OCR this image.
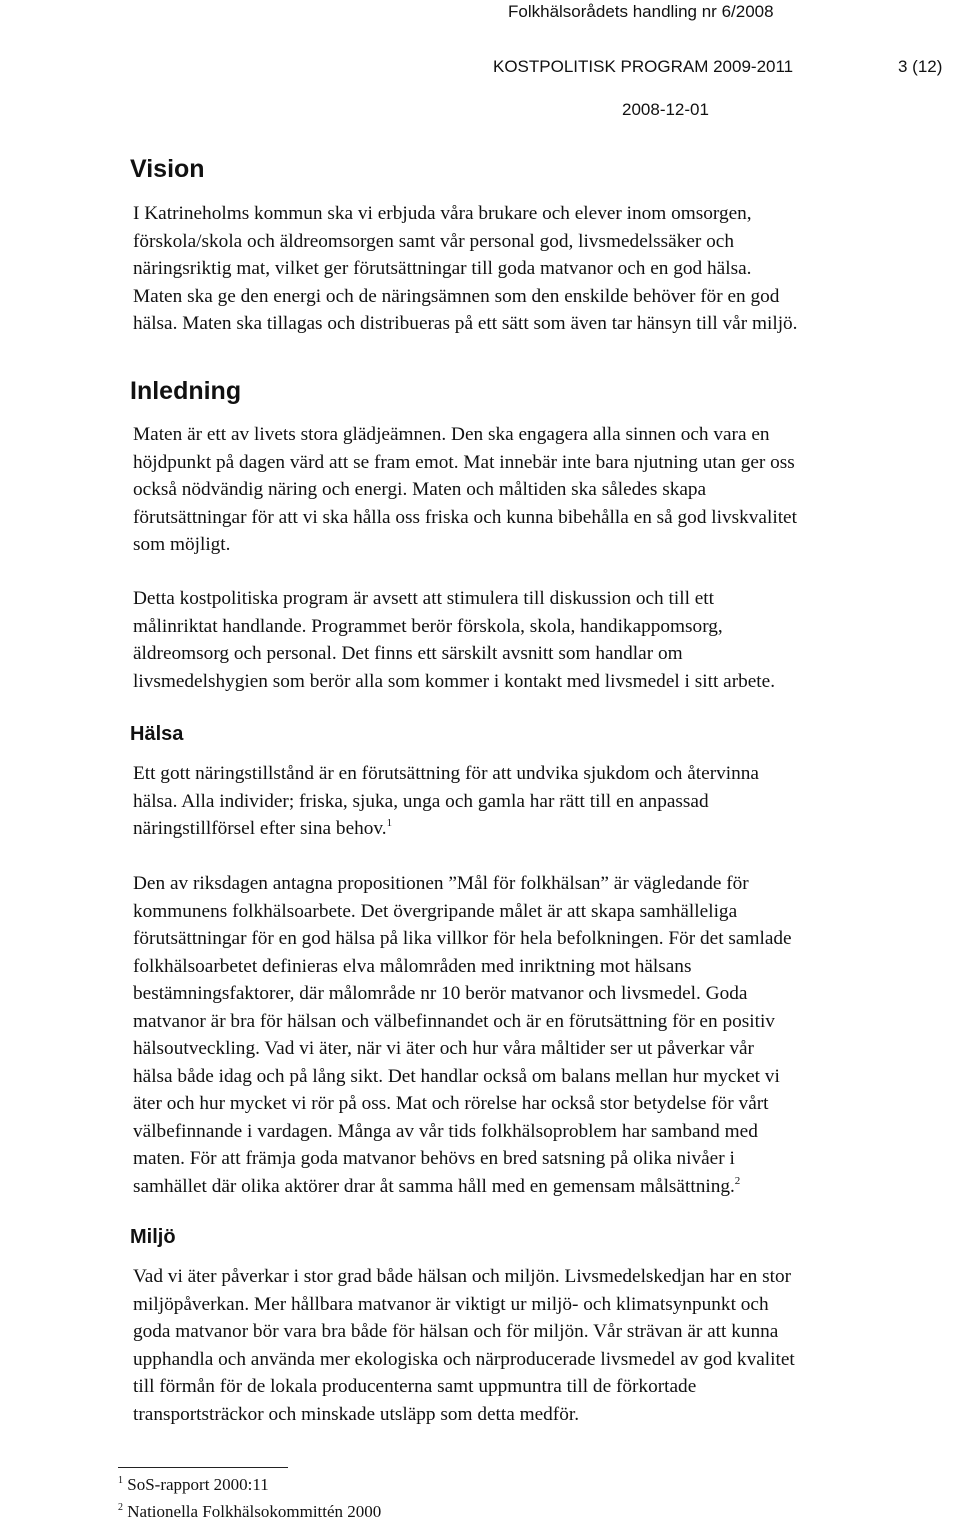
Folkhälsorådets handling nr 6/2008
KOSTPOLITISK PROGRAM 2009-2011	3 (12)
2008-12-01
Vision

I Katrineholms kommun ska vi erbjuda våra brukare och elever inom omsorgen,
förskola/skola och äldreomsorgen samt vår personal god, livsmedelssäker och
näringsriktig mat, vilket ger förutsättningar till goda matvanor och en god hälsa.
Maten ska ge den energi och de näringsämnen som den enskilde behöver för en god
hälsa. Maten ska tillagas och distribueras på ett sätt som även tar hänsyn till vår miljö.

Inledning

Maten är ett av livets stora glädjeämnen. Den ska engagera alla sinnen och vara en
höjdpunkt på dagen värd att se fram emot. Mat innebär inte bara njutning utan ger oss
också nödvändig näring och energi. Maten och måltiden ska således skapa
förutsättningar för att vi ska hålla oss friska och kunna bibehålla en så god livskvalitet
som möjligt.

Detta kostpolitiska program är avsett att stimulera till diskussion och till ett
målinriktat handlande. Programmet berör förskola, skola, handikappomsorg,
äldreomsorg och personal. Det finns ett särskilt avsnitt som handlar om
livsmedelshygien som berör alla som kommer i kontakt med livsmedel i sitt arbete.

Hälsa

Ett gott näringstillstånd är en förutsättning för att undvika sjukdom och återvinna
hälsa. Alla individer; friska, sjuka, unga och gamla har rätt till en anpassad
näringstillförsel efter sina behov.$^1$

Den av riksdagen antagna propositionen ”Mål för folkhälsan” är vägledande för
kommunens folkhälsoarbete. Det övergripande målet är att skapa samhälleliga
förutsättningar för en god hälsa på lika villkor för hela befolkningen. För det samlade
folkhälsoarbetet definieras elva målområden med inriktning mot hälsans
bestämningsfaktorer, där målområde nr 10 berör matvanor och livsmedel. Goda
matvanor är bra för hälsan och välbefinnandet och är en förutsättning för en positiv
hälsoutveckling. Vad vi äter, när vi äter och hur våra måltider ser ut påverkar vår
hälsa både idag och på lång sikt. Det handlar också om balans mellan hur mycket vi
äter och hur mycket vi rör på oss. Mat och rörelse har också stor betydelse för vårt
välbefinnande i vardagen. Många av vår tids folkhälsoproblem har samband med
maten. För att främja goda matvanor behövs en bred satsning på olika nivåer i
samhället där olika aktörer drar åt samma håll med en gemensam målsättning.$^2$

Miljö

Vad vi äter påverkar i stor grad både hälsan och miljön. Livsmedelskedjan har en stor
miljöpåverkan. Mer hållbara matvanor är viktigt ur miljö- och klimatsynpunkt och
goda matvanor bör vara bra både för hälsan och för miljön. Vår strävan är att kunna
upphandla och använda mer ekologiska och närproducerade livsmedel av god kvalitet
till förmån för de lokala producenterna samt uppmuntra till de förkortade
transportsträckor och minskade utsläpp som detta medför.

$^1$ SoS-rapport 2000:11
$^2$ Nationella Folkhälsokommittén 2000
